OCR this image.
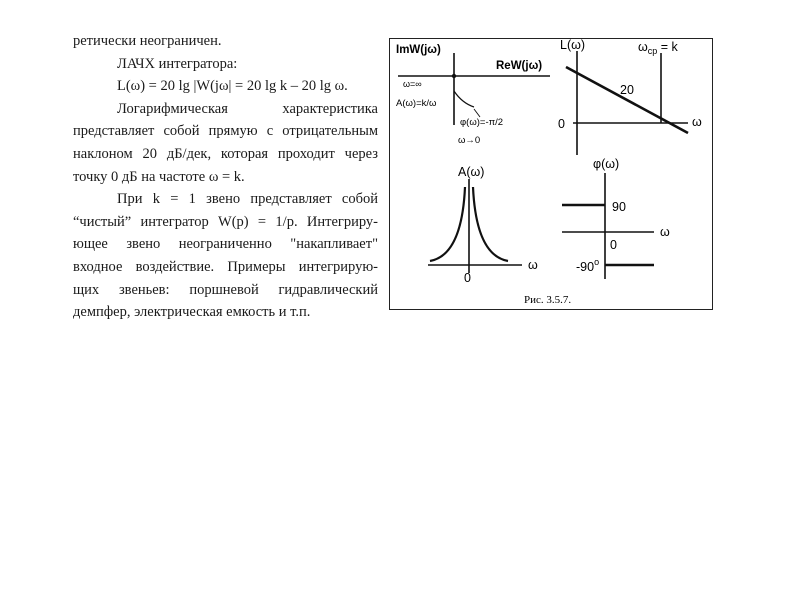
ретически неограничен.

ЛАЧХ интегратора:

L(ω) = 20 lg |W(jω| = 20 lg k – 20 lg ω.

Логарифмическая характеристика

представляет собой прямую с отрицательным

наклоном 20 дБ/дек, которая проходит через

точку 0 дБ на частоте ω = k.

При k = 1 звено представляет собой

“чистый” интегратор W(p) = 1/p. Интегриру-

ющее звено неограниченно "накапливает"

входное воздействие. Примеры интегрирую-

щих звеньев: поршневой гидравлический

демпфер, электрическая емкость и т.п.

ImW(jω)
ReW(jω)
ω=∞
A(ω)=k/ω
φ(ω)=-π/2
ω→0
L(ω)	$\omega_{ср} = k$
20
0	ω
A(ω)
0
ω
φ(ω)
90
0
ω
-90$^o$
Рис. 3.5.7.
